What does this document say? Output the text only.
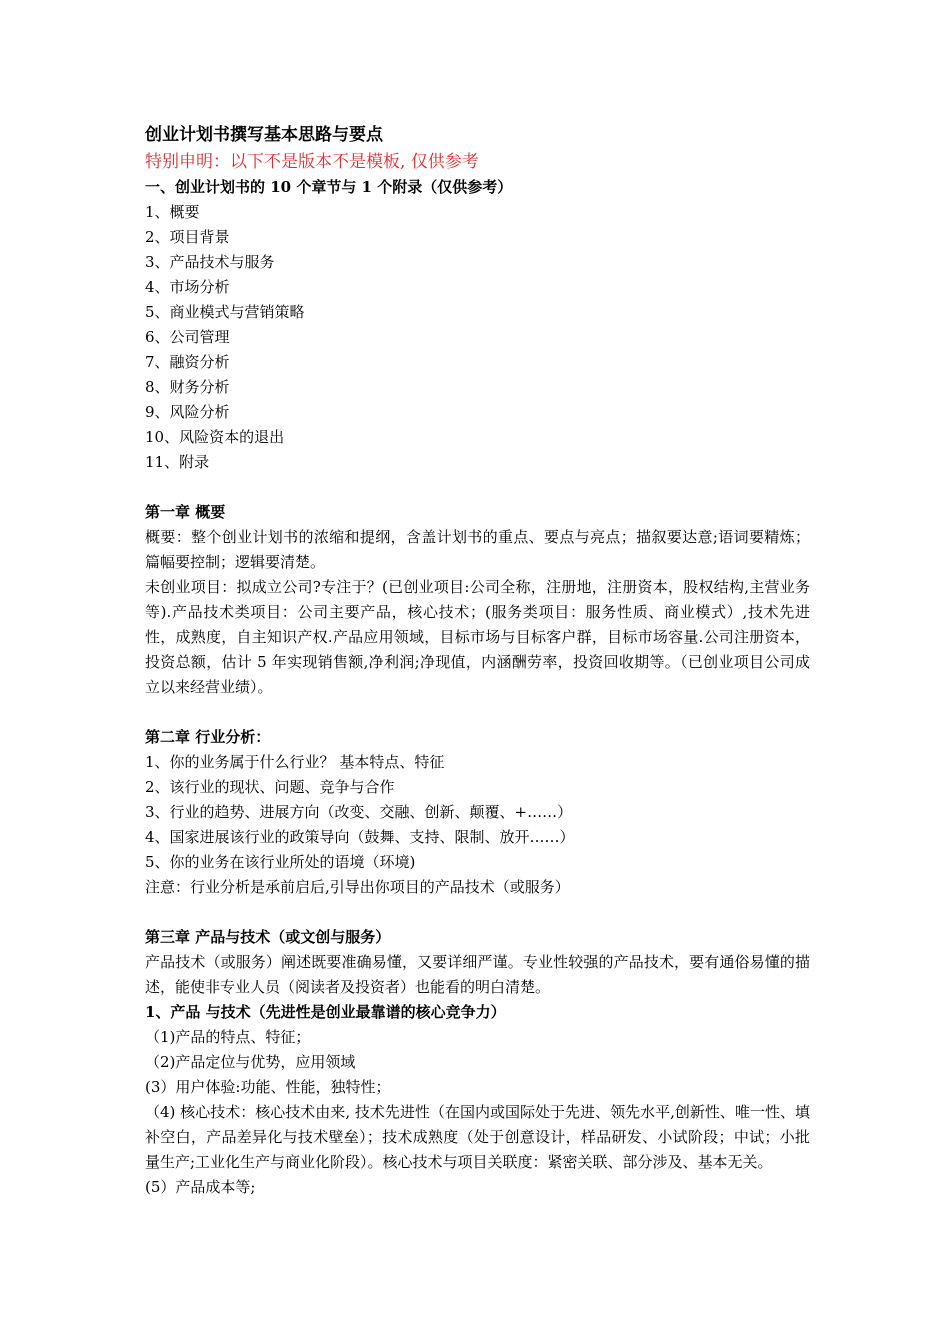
创业计划书撰写基本思路与要点
特别申明：以下不是版本不是模板, 仅供参考
一、创业计划书的 10 个章节与 1 个附录（仅供参考）
1、概要
2、项目背景
3、产品技术与服务
4、市场分析
5、商业模式与营销策略
6、公司管理
7、融资分析
8、财务分析
9、风险分析
10、风险资本的退出
11、附录
第一章 概要

概要：整个创业计划书的浓缩和提纲，含盖计划书的重点、要点与亮点；描叙要达意;语词要精炼；篇幅要控制；逻辑要清楚。

未创业项目：拟成立公司?专注于？(已创业项目:公司全称，注册地，注册资本，股权结构,主营业务等).产品技术类项目：公司主要产品，核心技术；(服务类项目：服务性质、商业模式）,技术先进性，成熟度，自主知识产权.产品应用领域，目标市场与目标客户群，目标市场容量.公司注册资本，投资总额，估计 5 年实现销售额,净利润;净现值，内涵酬劳率，投资回收期等。（已创业项目公司成立以来经营业绩）。

第二章 行业分析：
1、你的业务属于什么行业？ 基本特点、特征
2、该行业的现状、问题、竞争与合作
3、行业的趋势、进展方向（改变、交融、创新、颠覆、+……）
4、国家进展该行业的政策导向（鼓舞、支持、限制、放开……）
5、你的业务在该行业所处的语境（环境)
注意：行业分析是承前启后,引导出你项目的产品技术（或服务）
第三章 产品与技术（或文创与服务）

产品技术（或服务）阐述既要准确易懂，又要详细严谨。专业性较强的产品技术，要有通俗易懂的描述，能使非专业人员（阅读者及投资者）也能看的明白清楚。

1、产品 与技术（先进性是创业最靠谱的核心竞争力）
（1)产品的特点、特征；
（2)产品定位与优势，应用领域
(3）用户体验:功能、性能，独特性；

（4) 核心技术：核心技术由来, 技术先进性（在国内或国际处于先进、领先水平,创新性、唯一性、填补空白，产品差异化与技术壁垒）；技术成熟度（处于创意设计，样品研发、小试阶段；中试；小批量生产;工业化生产与商业化阶段）。核心技术与项目关联度：紧密关联、部分涉及、基本无关。

(5）产品成本等;
